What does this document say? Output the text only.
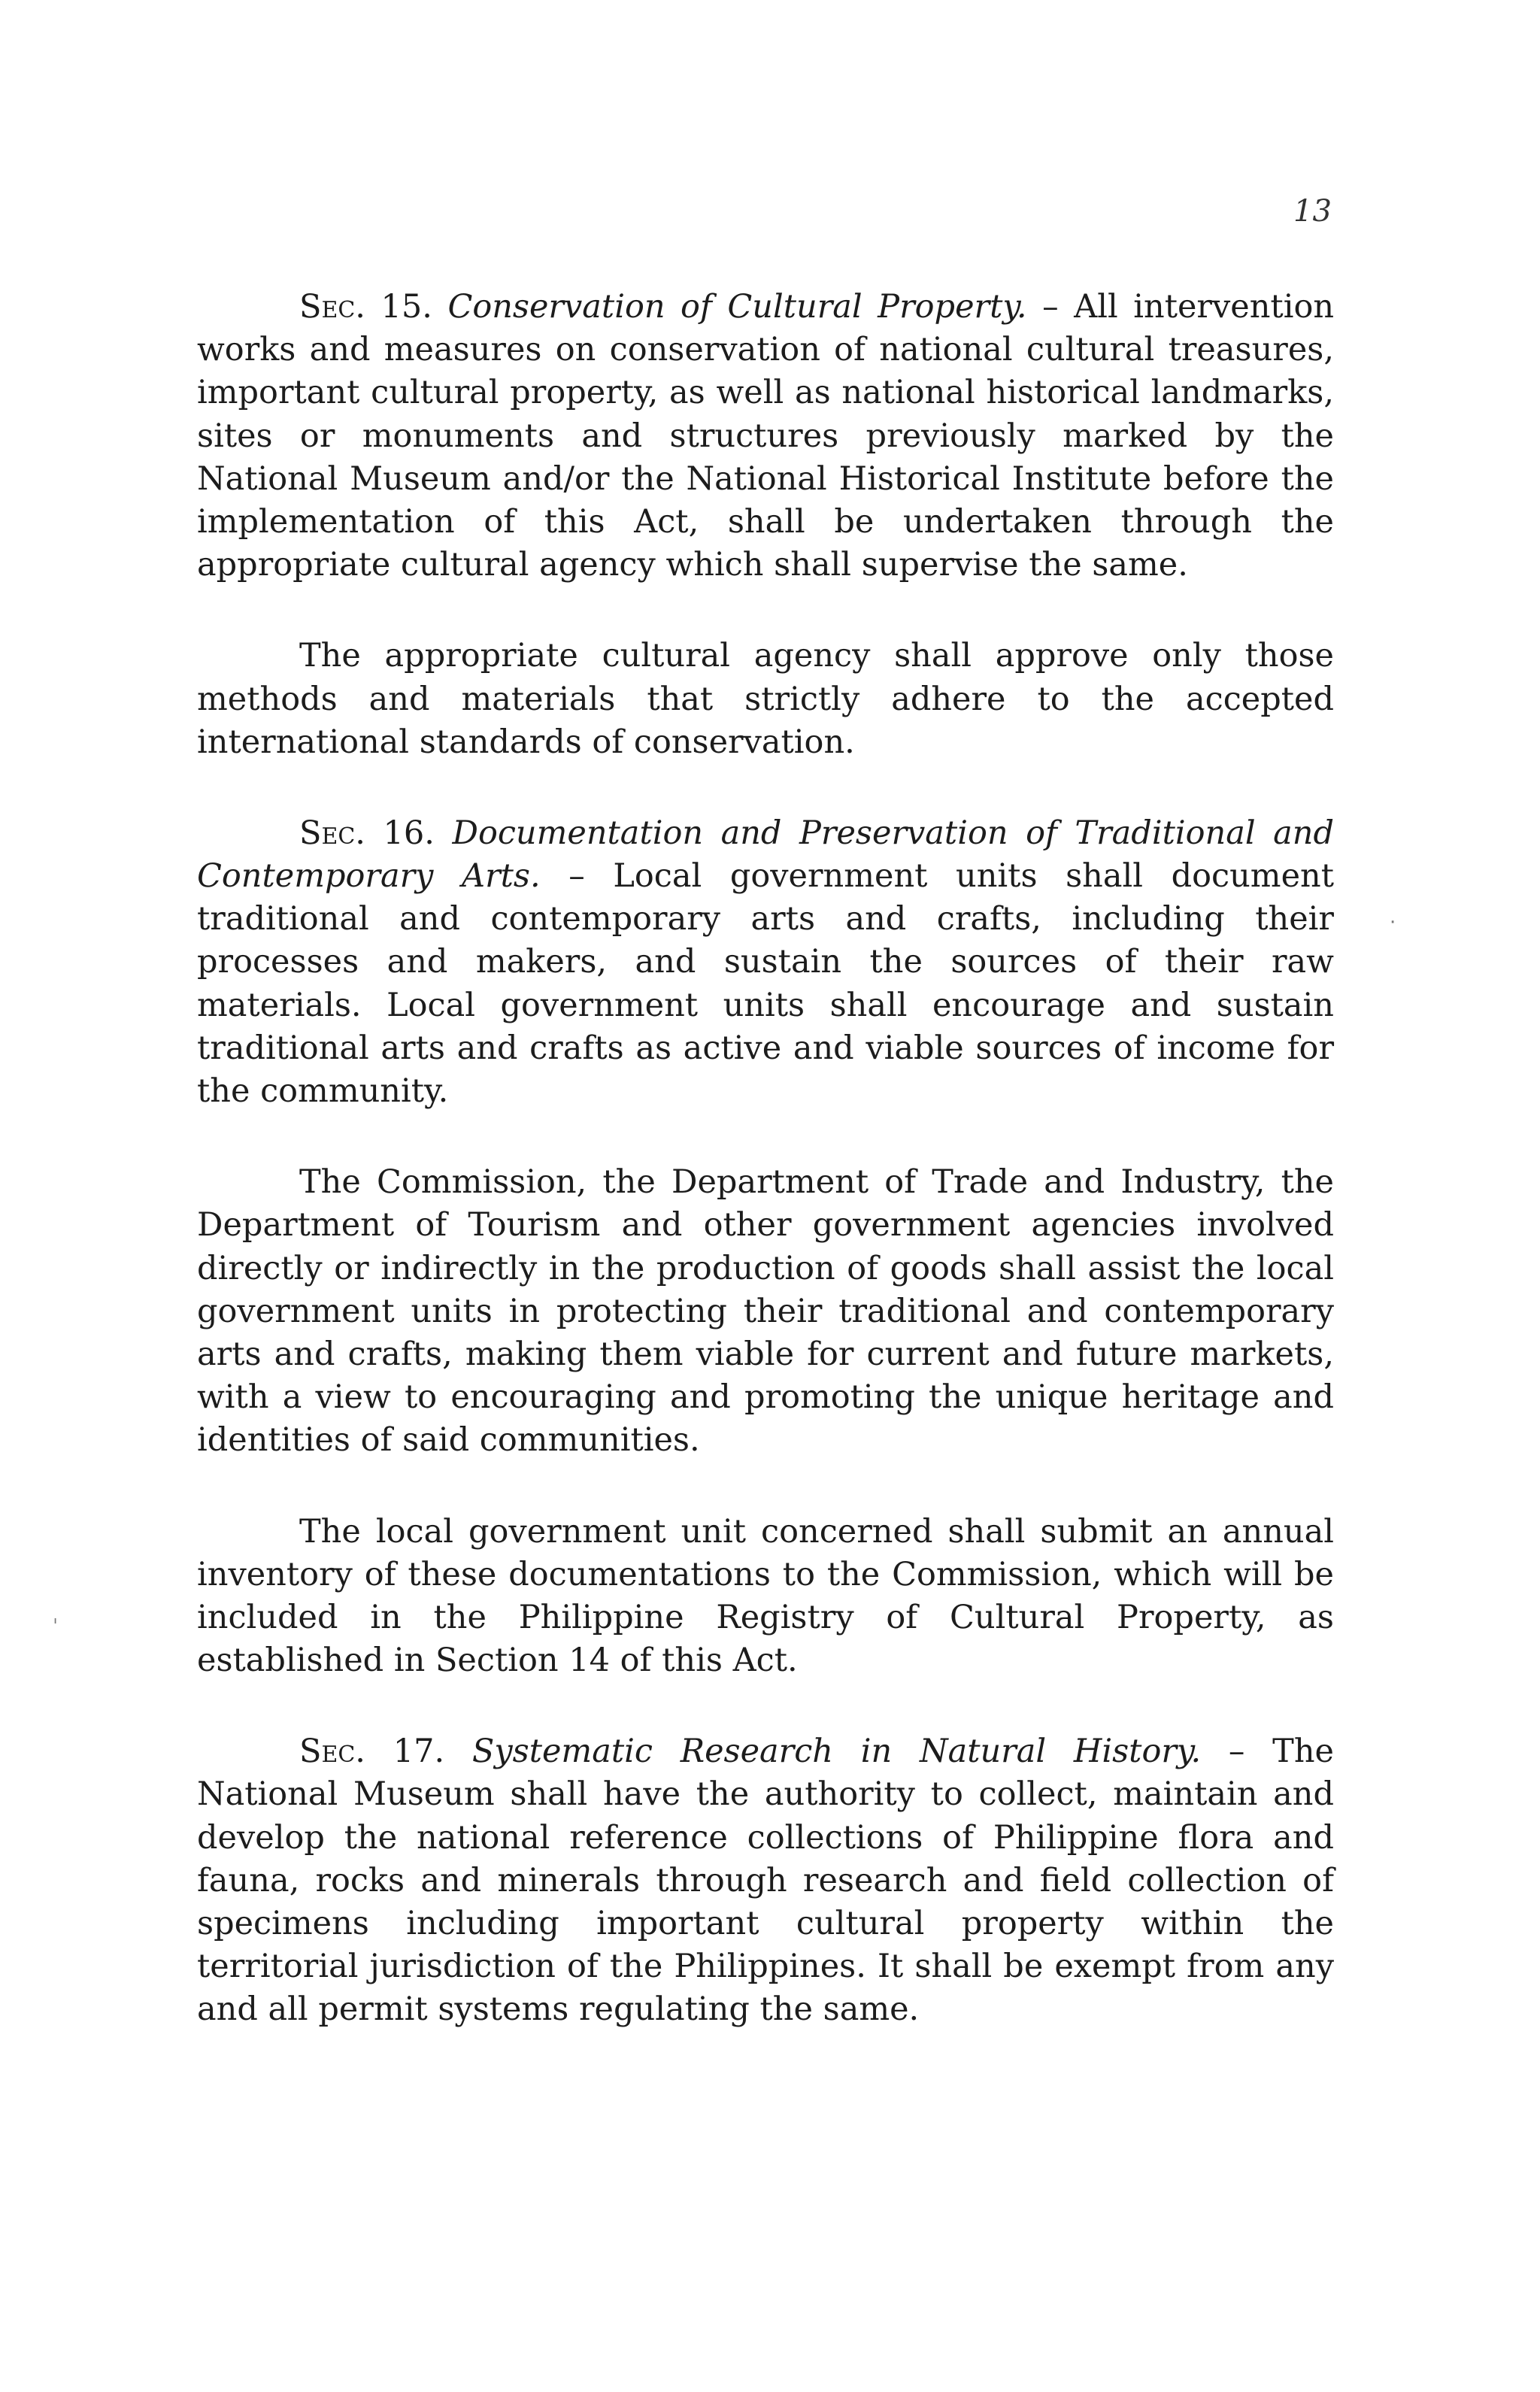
13

Sec. 15. Conservation of Cultural Property. – All intervention works and measures on conservation of national cultural treasures, important cultural property, as well as national historical landmarks, sites or monuments and structures previously marked by the National Museum and/or the National Historical Institute before the implementation of this Act, shall be undertaken through the appropriate cultural agency which shall supervise the same.

The appropriate cultural agency shall approve only those methods and materials that strictly adhere to the accepted international standards of conservation.

Sec. 16. Documentation and Preservation of Traditional and Contemporary Arts. – Local government units shall document traditional and contemporary arts and crafts, including their processes and makers, and sustain the sources of their raw materials. Local government units shall encourage and sustain traditional arts and crafts as active and viable sources of income for the community.

The Commission, the Department of Trade and Industry, the Department of Tourism and other government agencies involved directly or indirectly in the production of goods shall assist the local government units in protecting their traditional and contemporary arts and crafts, making them viable for current and future markets, with a view to encouraging and promoting the unique heritage and identities of said communities.

The local government unit concerned shall submit an annual inventory of these documentations to the Commission, which will be included in the Philippine Registry of Cultural Property, as established in Section 14 of this Act.

Sec. 17. Systematic Research in Natural History. – The National Museum shall have the authority to collect, maintain and develop the national reference collections of Philippine flora and fauna, rocks and minerals through research and field collection of specimens including important cultural property within the territorial jurisdiction of the Philippines. It shall be exempt from any and all permit systems regulating the same.

·
ˌ
